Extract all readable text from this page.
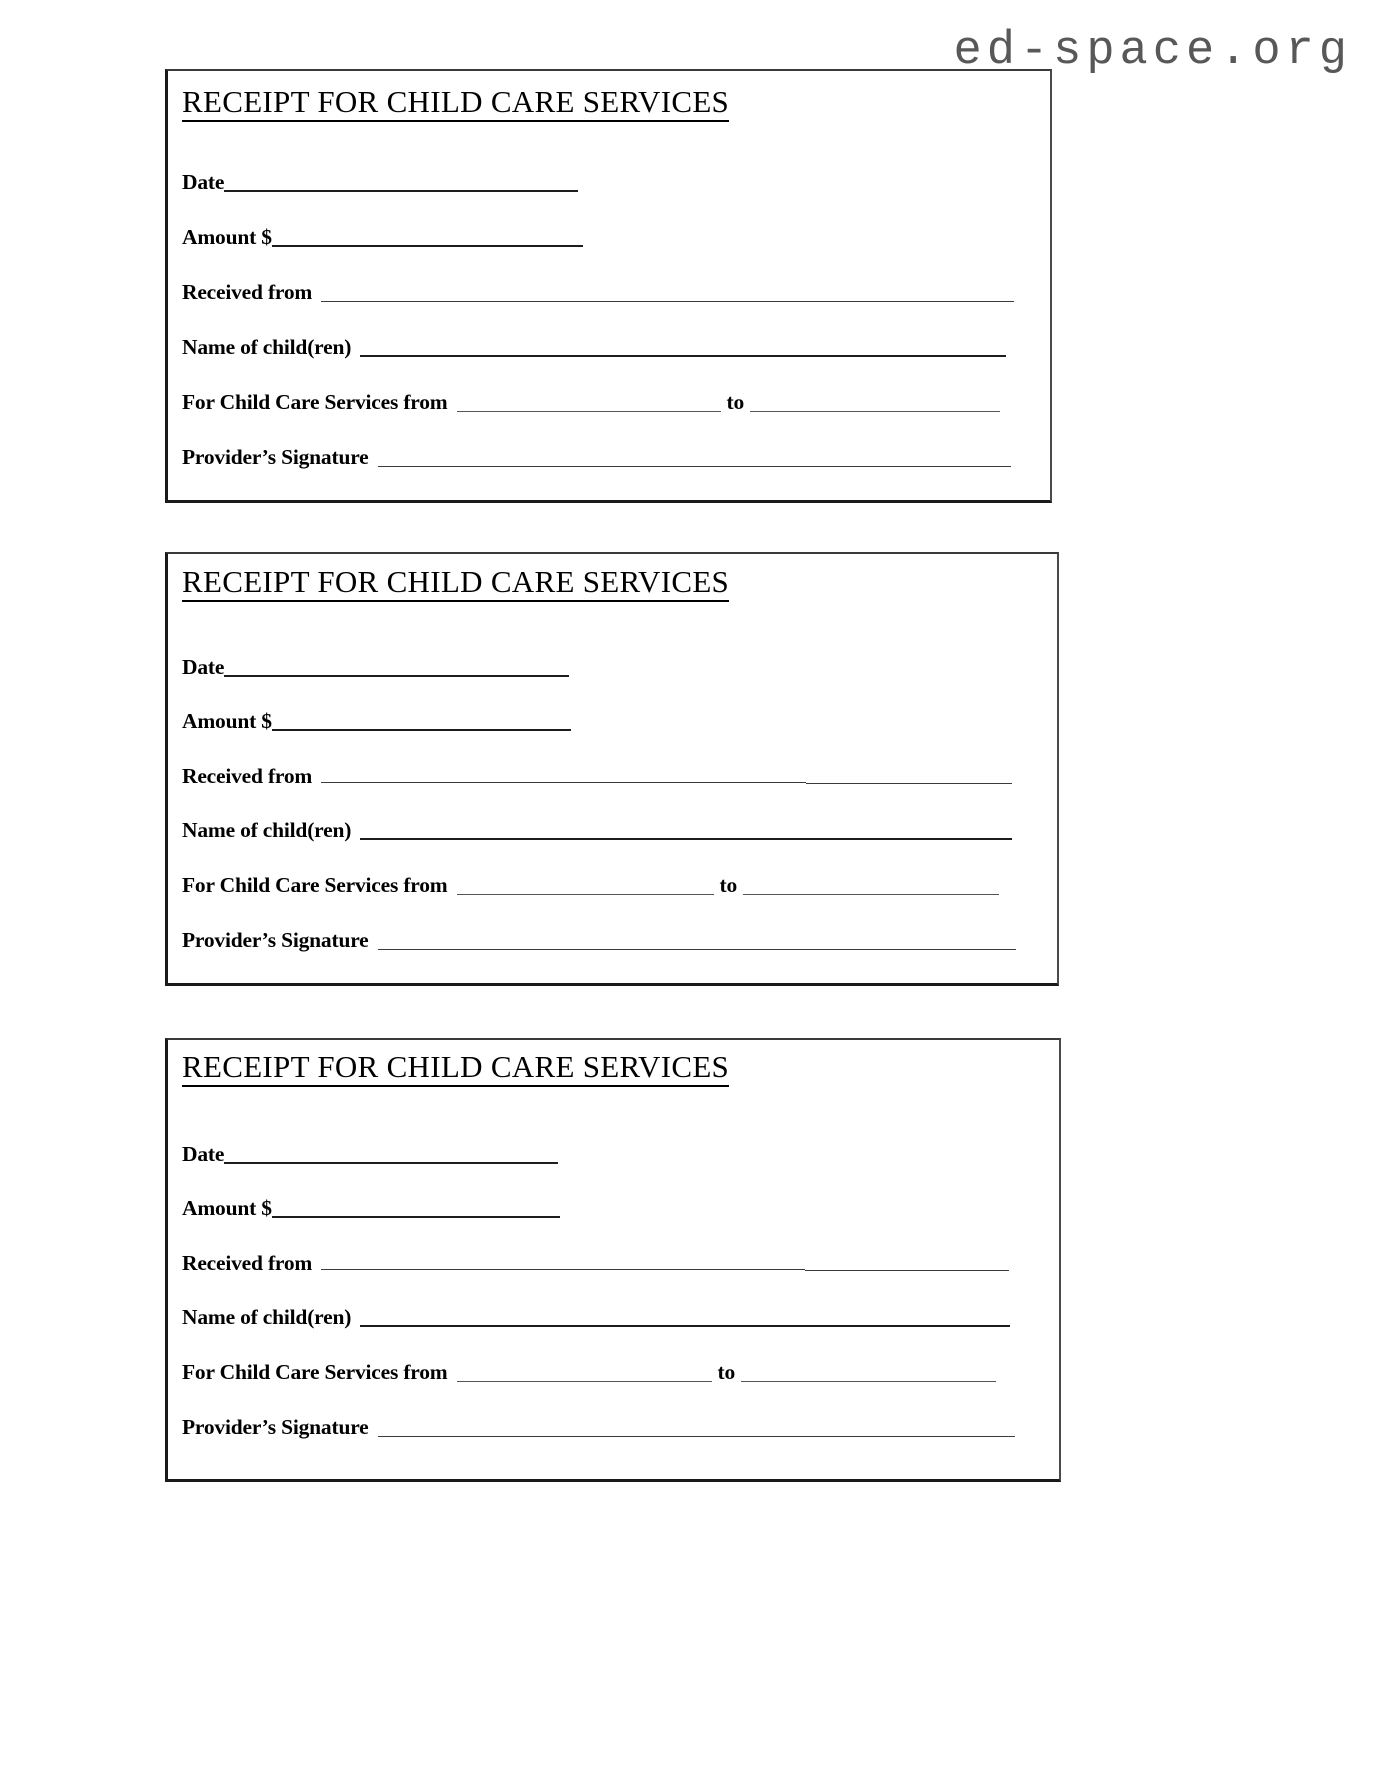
ed-space.org
RECEIPT FOR CHILD CARE SERVICES
Date
Amount $
Received from
Name of child(ren)
For Child Care Services from	to
Provider’s Signature
RECEIPT FOR CHILD CARE SERVICES
Date
Amount $
Received from
Name of child(ren)
For Child Care Services from	to
Provider’s Signature
RECEIPT FOR CHILD CARE SERVICES
Date
Amount $
Received from
Name of child(ren)
For Child Care Services from	to
Provider’s Signature
